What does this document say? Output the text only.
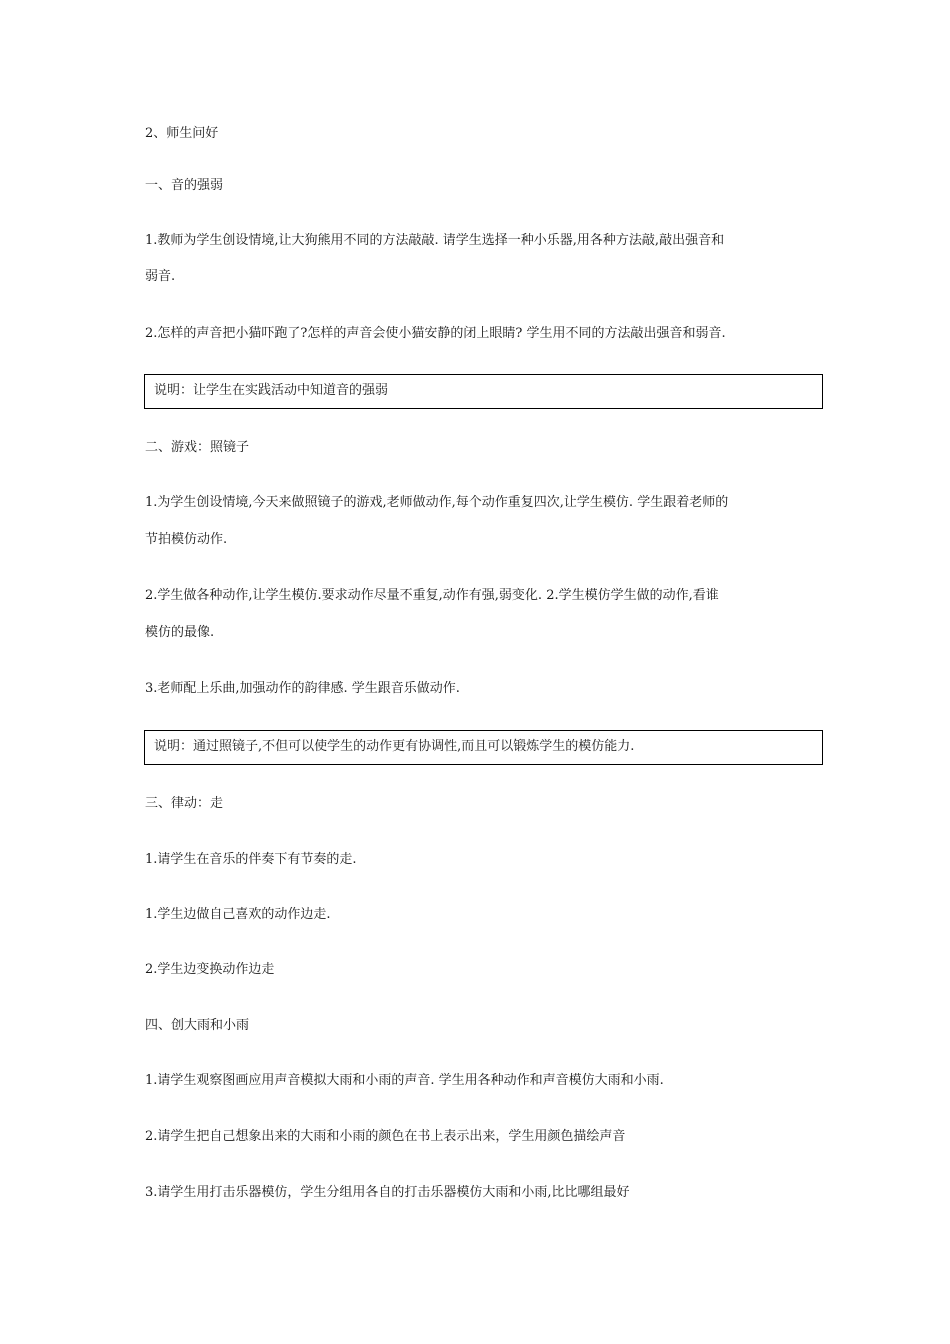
2、师生问好
一、音的强弱
1.教师为学生创设情境,让大狗熊用不同的方法敲敲. 请学生选择一种小乐器,用各种方法敲,敲出强音和
弱音.
2.怎样的声音把小猫吓跑了?怎样的声音会使小猫安静的闭上眼睛? 学生用不同的方法敲出强音和弱音.
说明：让学生在实践活动中知道音的强弱
二、游戏：照镜子
1.为学生创设情境,今天来做照镜子的游戏,老师做动作,每个动作重复四次,让学生模仿. 学生跟着老师的
节拍模仿动作.
2.学生做各种动作,让学生模仿.要求动作尽量不重复,动作有强,弱变化. 2.学生模仿学生做的动作,看谁
模仿的最像.
3.老师配上乐曲,加强动作的韵律感. 学生跟音乐做动作.
说明：通过照镜子,不但可以使学生的动作更有协调性,而且可以锻炼学生的模仿能力.
三、律动：走
1.请学生在音乐的伴奏下有节奏的走.
1.学生边做自己喜欢的动作边走.
2.学生边变换动作边走
四、创大雨和小雨
1.请学生观察图画应用声音模拟大雨和小雨的声音. 学生用各种动作和声音模仿大雨和小雨.
2.请学生把自己想象出来的大雨和小雨的颜色在书上表示出来，学生用颜色描绘声音
3.请学生用打击乐器模仿，学生分组用各自的打击乐器模仿大雨和小雨,比比哪组最好
